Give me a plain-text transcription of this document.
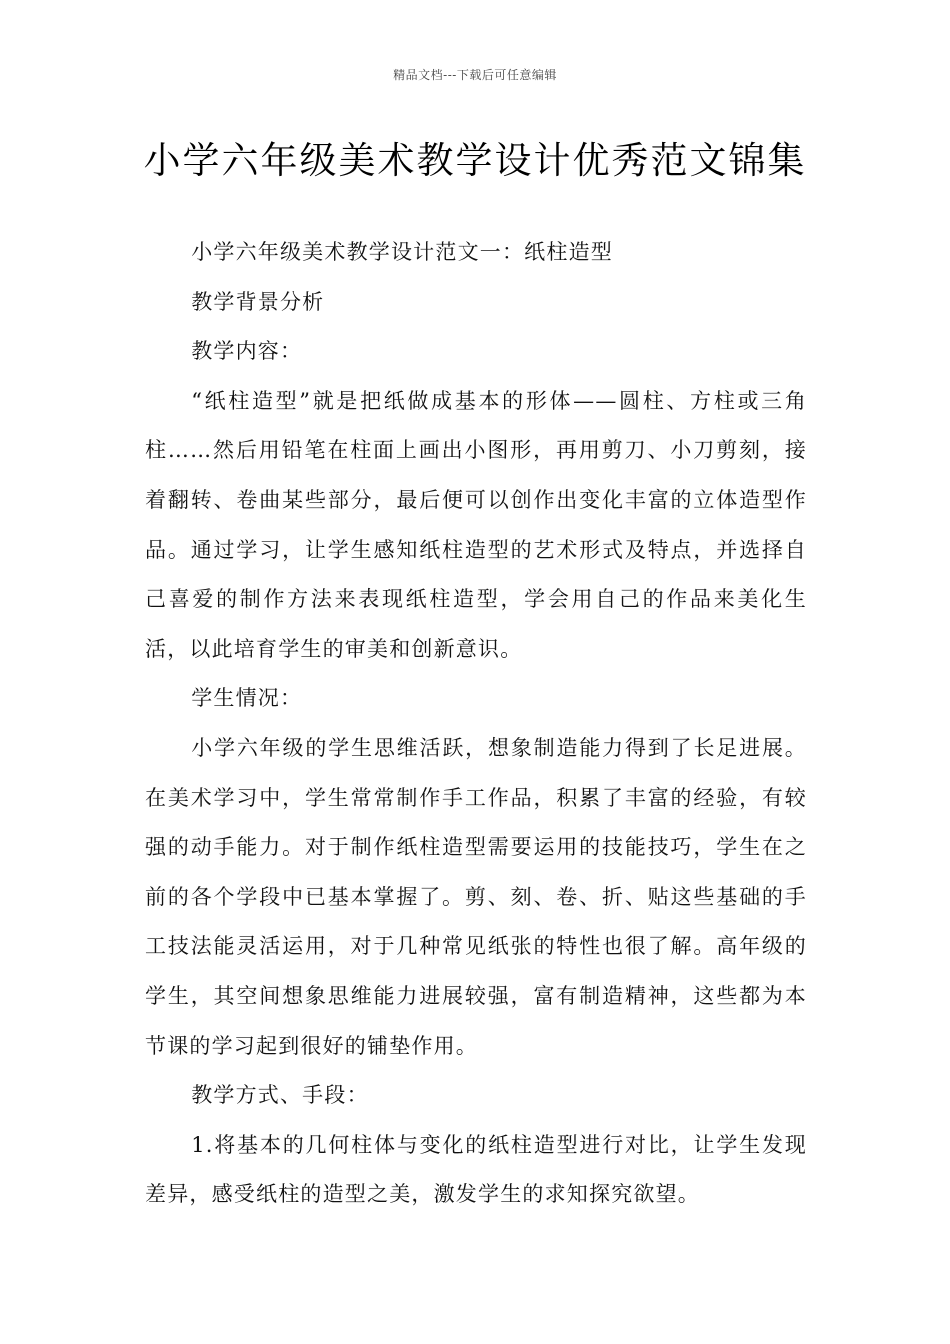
精品文档---下载后可任意编辑
小学六年级美术教学设计优秀范文锦集

小学六年级美术教学设计范文一：纸柱造型

教学背景分析

教学内容：

“纸柱造型”就是把纸做成基本的形体——圆柱、方柱或三角柱……然后用铅笔在柱面上画出小图形，再用剪刀、小刀剪刻，接着翻转、卷曲某些部分，最后便可以创作出变化丰富的立体造型作品。通过学习，让学生感知纸柱造型的艺术形式及特点，并选择自己喜爱的制作方法来表现纸柱造型，学会用自己的作品来美化生活，以此培育学生的审美和创新意识。

学生情况：

小学六年级的学生思维活跃，想象制造能力得到了长足进展。在美术学习中，学生常常制作手工作品，积累了丰富的经验，有较强的动手能力。对于制作纸柱造型需要运用的技能技巧，学生在之前的各个学段中已基本掌握了。剪、刻、卷、折、贴这些基础的手工技法能灵活运用，对于几种常见纸张的特性也很了解。高年级的学生，其空间想象思维能力进展较强，富有制造精神，这些都为本节课的学习起到很好的铺垫作用。

教学方式、手段：

1.将基本的几何柱体与变化的纸柱造型进行对比，让学生发现差异，感受纸柱的造型之美，激发学生的求知探究欲望。
